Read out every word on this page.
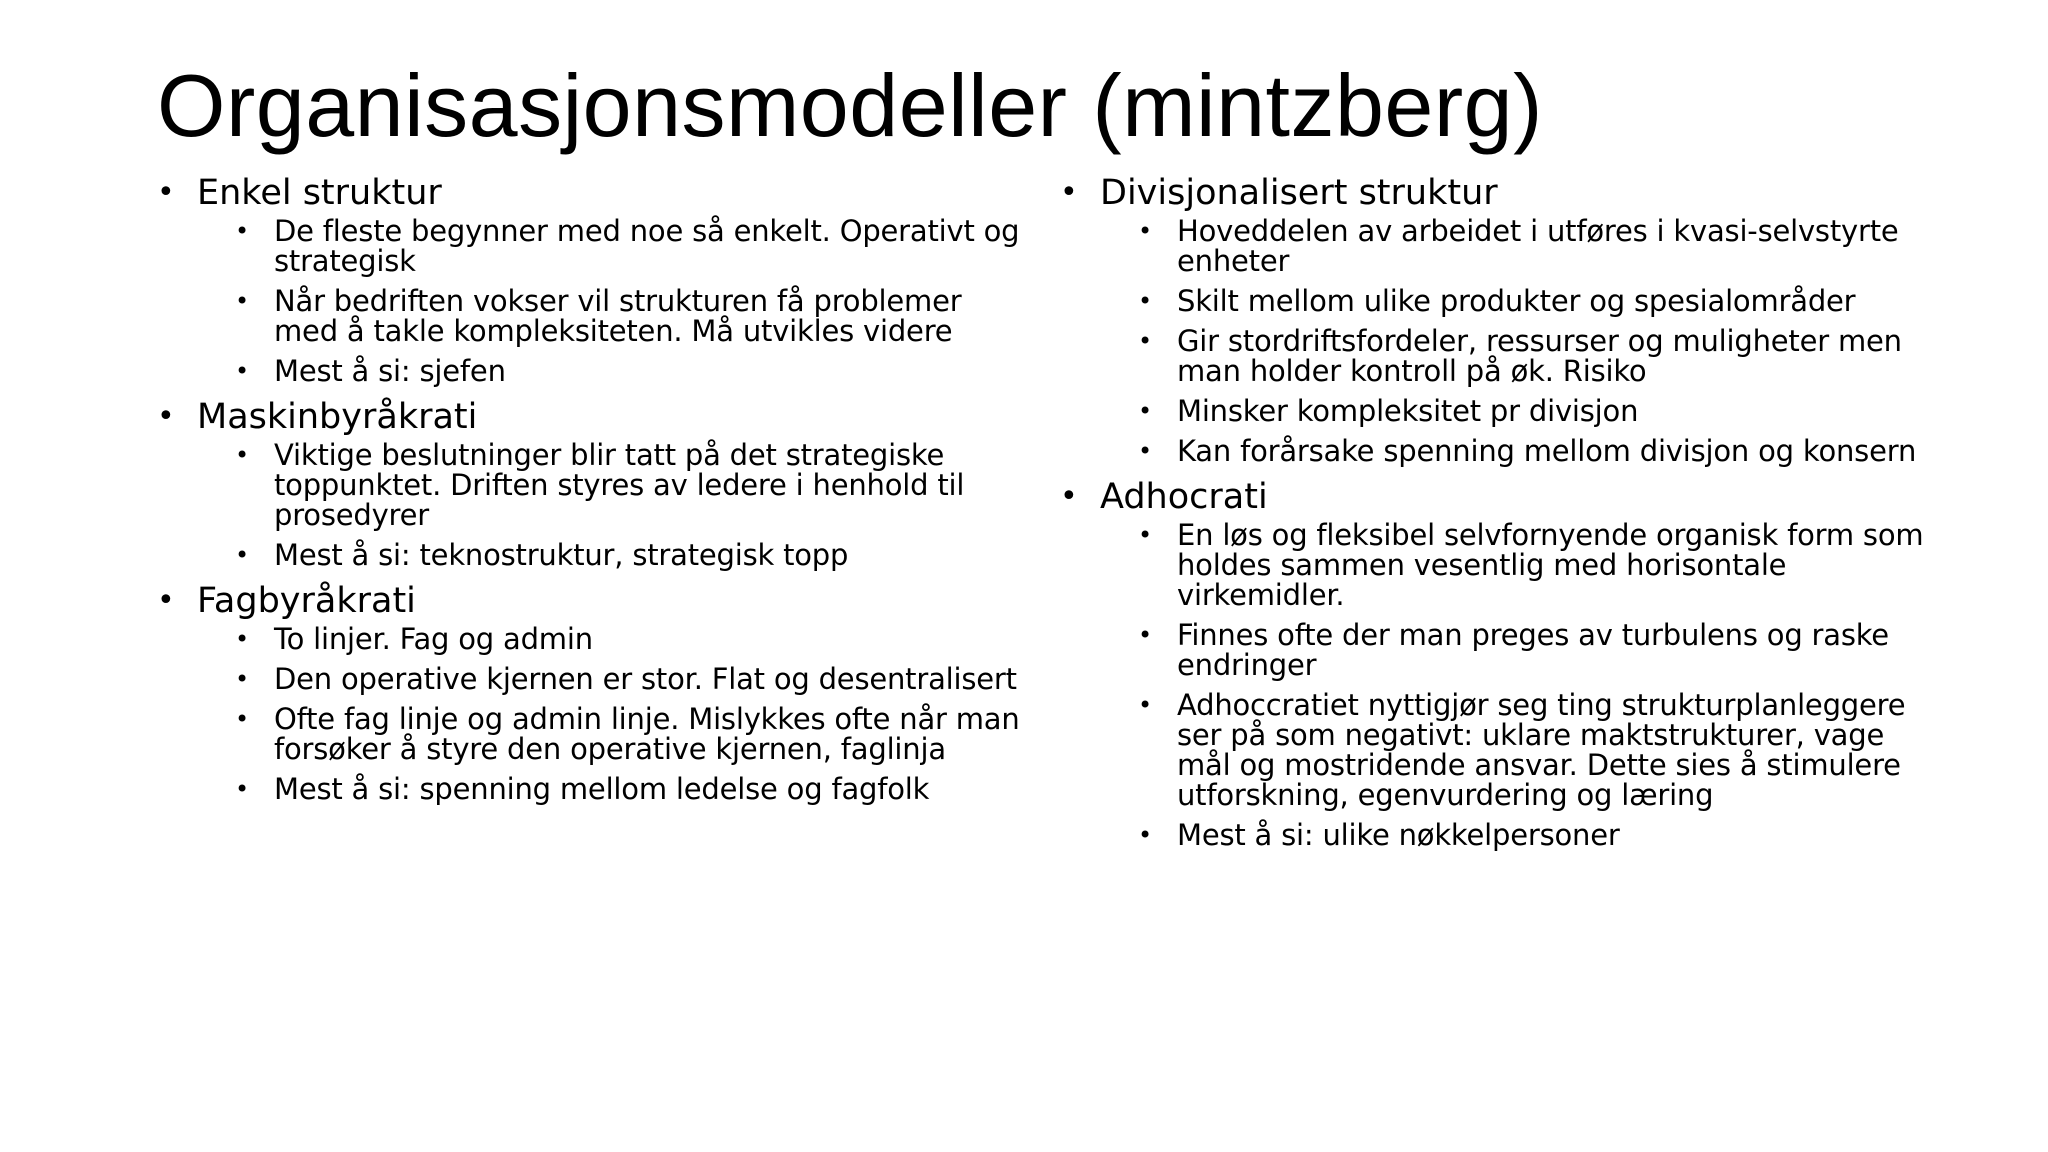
Organisasjonsmodeller (mintzberg)
• Enkel struktur
• De fleste begynner med noe så enkelt. Operativt og strategisk
• Når bedriften vokser vil strukturen få problemer med å takle kompleksiteten. Må utvikles videre
• Mest å si: sjefen
• Maskinbyråkrati
• Viktige beslutninger blir tatt på det strategiske toppunktet. Driften styres av ledere i henhold til prosedyrer
• Mest å si: teknostruktur, strategisk topp
• Fagbyråkrati
• To linjer. Fag og admin
• Den operative kjernen er stor. Flat og desentralisert
• Ofte fag linje og admin linje. Mislykkes ofte når man forsøker å styre den operative kjernen, faglinja
• Mest å si: spenning mellom ledelse og fagfolk
• Divisjonalisert struktur
• Hoveddelen av arbeidet i utføres i kvasi-selvstyrte enheter
• Skilt mellom ulike produkter og spesialområder
• Gir stordriftsfordeler, ressurser og muligheter men man holder kontroll på øk. Risiko
• Minsker kompleksitet pr divisjon
• Kan forårsake spenning mellom divisjon og konsern
• Adhocrati
• En løs og fleksibel selvfornyende organisk form som holdes sammen vesentlig med horisontale virkemidler.
• Finnes ofte der man preges av turbulens og raske endringer
• Adhoccratiet nyttigjør seg ting strukturplanleggere ser på som negativt: uklare maktstrukturer, vage mål og mostridende ansvar. Dette sies å stimulere utforskning, egenvurdering og læring
• Mest å si: ulike nøkkelpersoner
